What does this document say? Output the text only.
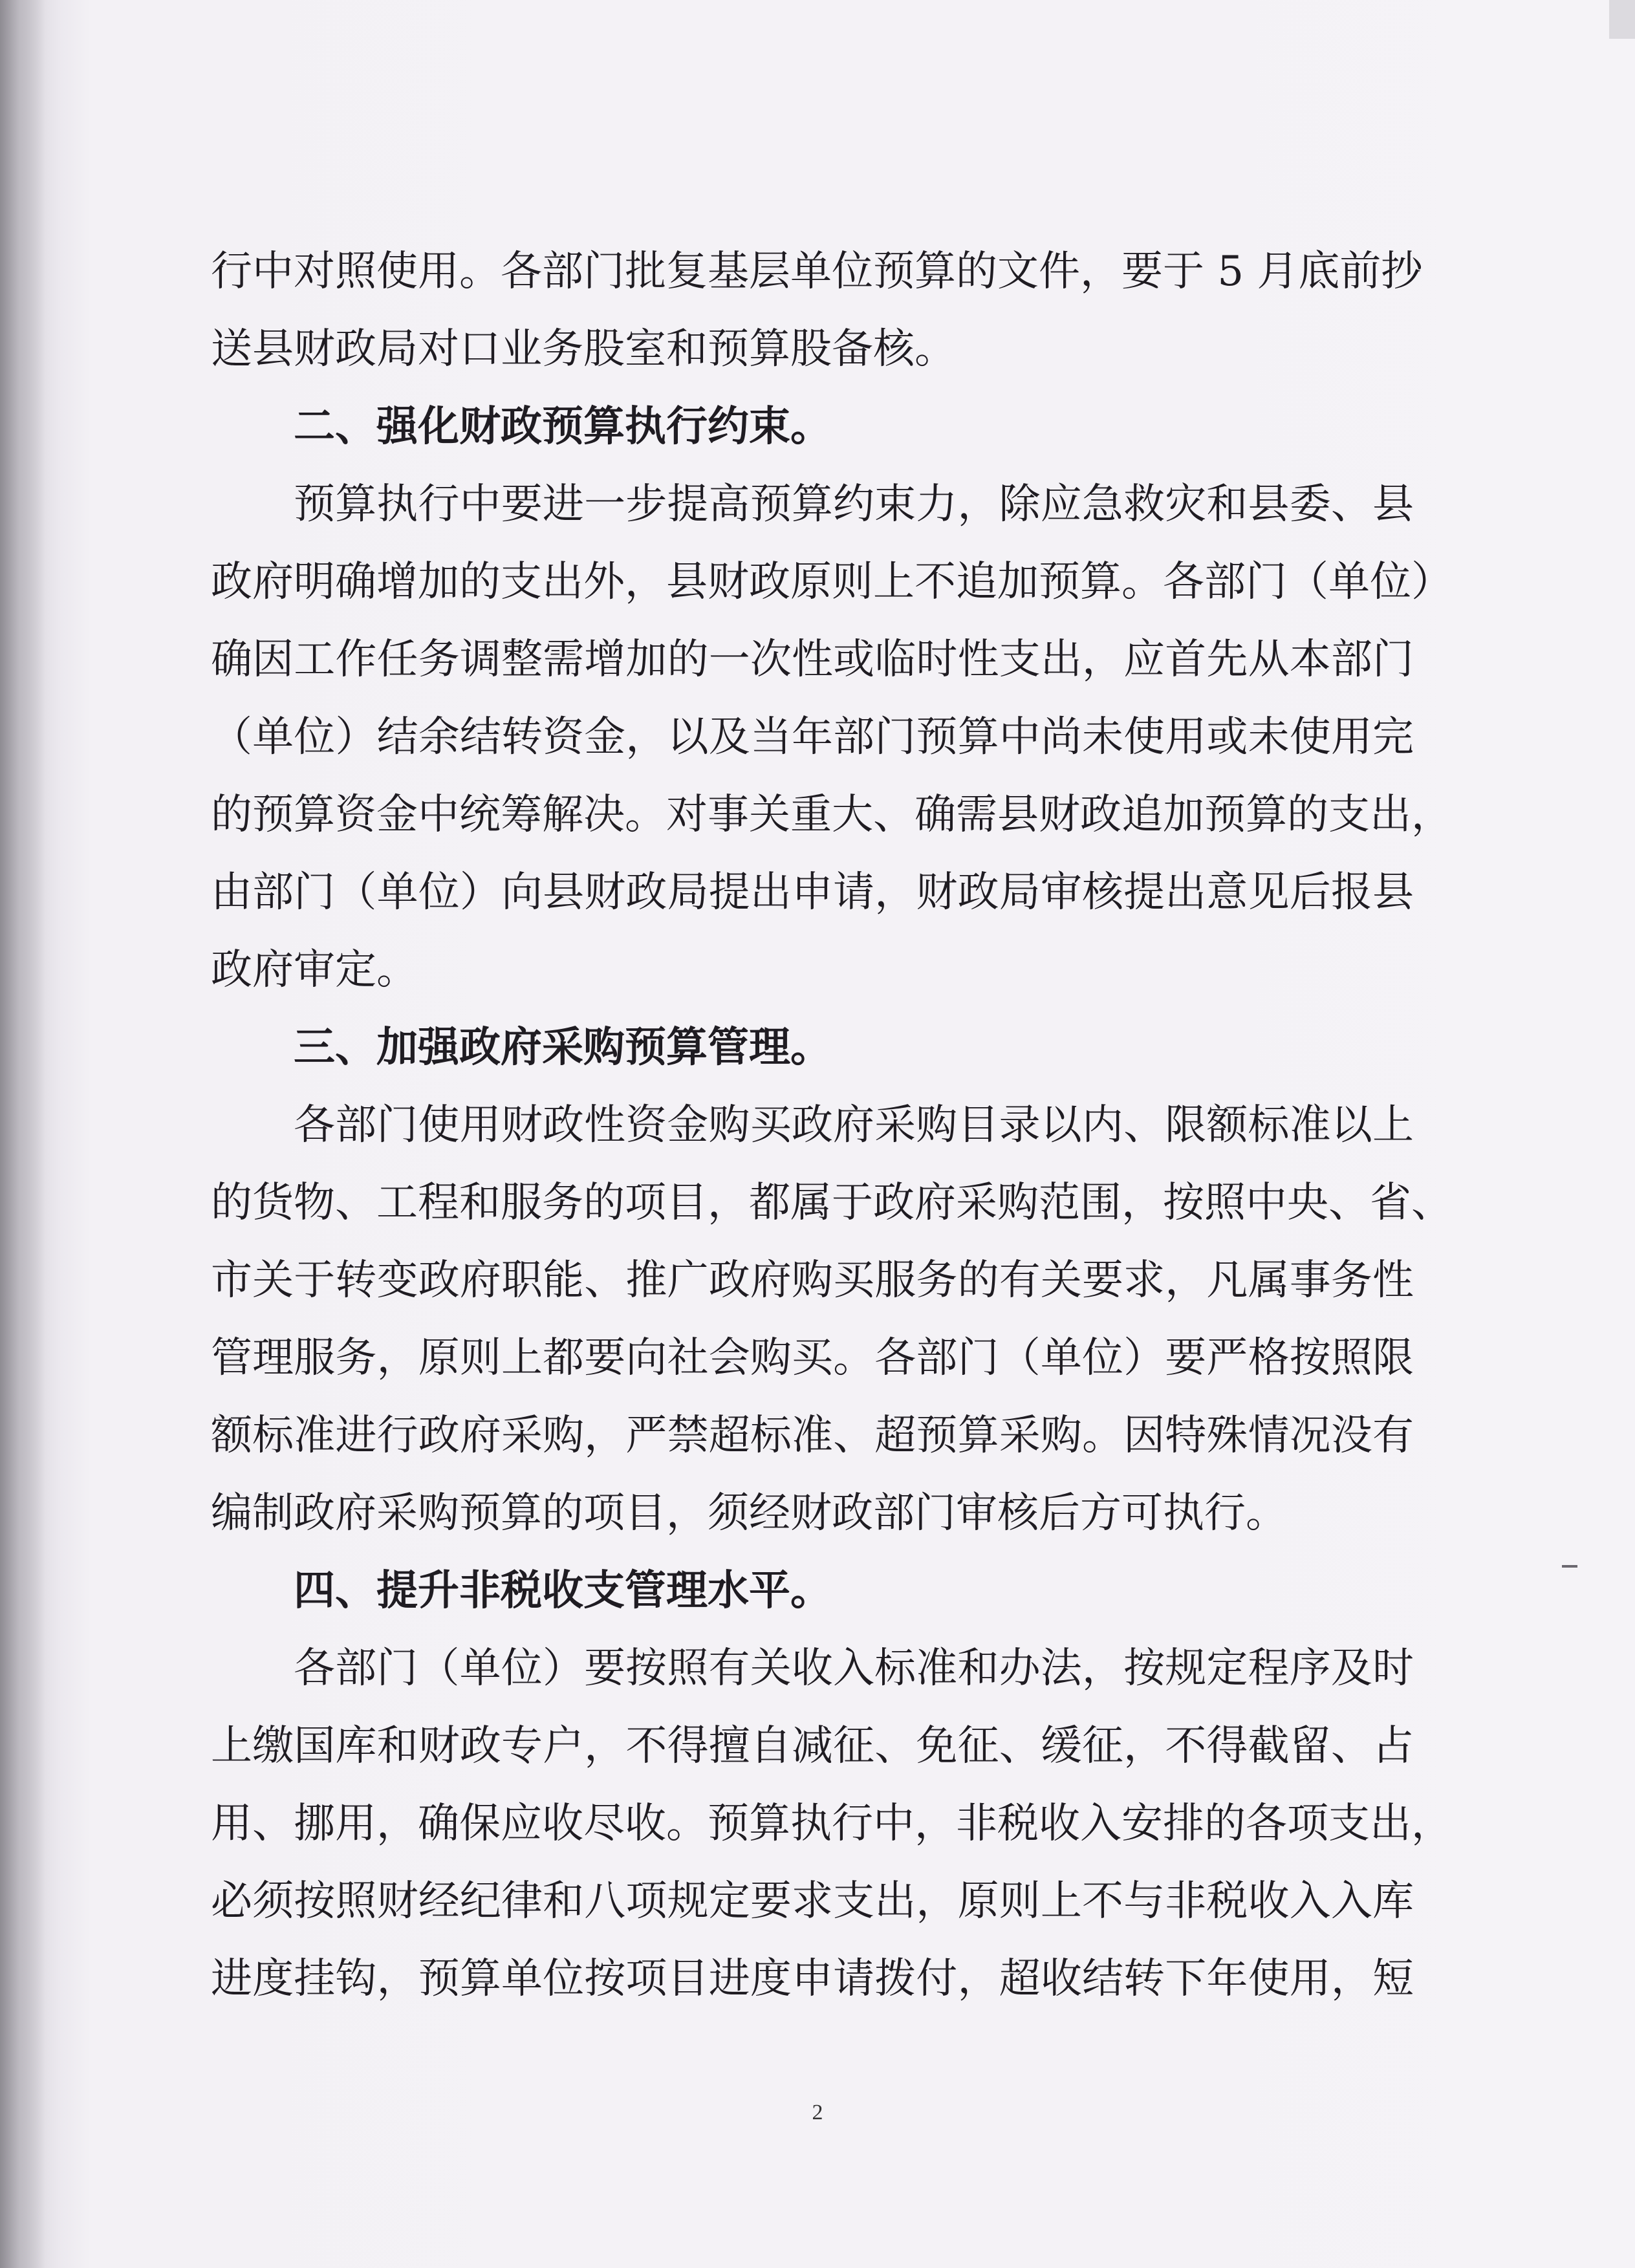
行中对照使用。各部门批复基层单位预算的文件，要于 5 月底前抄
送县财政局对口业务股室和预算股备核。
二、强化财政预算执行约束。
预算执行中要进一步提高预算约束力，除应急救灾和县委、县
政府明确增加的支出外，县财政原则上不追加预算。各部门（单位）
确因工作任务调整需增加的一次性或临时性支出，应首先从本部门
（单位）结余结转资金，以及当年部门预算中尚未使用或未使用完
的预算资金中统筹解决。对事关重大、确需县财政追加预算的支出，
由部门（单位）向县财政局提出申请，财政局审核提出意见后报县
政府审定。
三、加强政府采购预算管理。
各部门使用财政性资金购买政府采购目录以内、限额标准以上
的货物、工程和服务的项目，都属于政府采购范围，按照中央、省、
市关于转变政府职能、推广政府购买服务的有关要求，凡属事务性
管理服务，原则上都要向社会购买。各部门（单位）要严格按照限
额标准进行政府采购，严禁超标准、超预算采购。因特殊情况没有
编制政府采购预算的项目，须经财政部门审核后方可执行。
四、提升非税收支管理水平。
各部门（单位）要按照有关收入标准和办法，按规定程序及时
上缴国库和财政专户，不得擅自减征、免征、缓征，不得截留、占
用、挪用，确保应收尽收。预算执行中，非税收入安排的各项支出，
必须按照财经纪律和八项规定要求支出，原则上不与非税收入入库
进度挂钩，预算单位按项目进度申请拨付，超收结转下年使用，短
2
